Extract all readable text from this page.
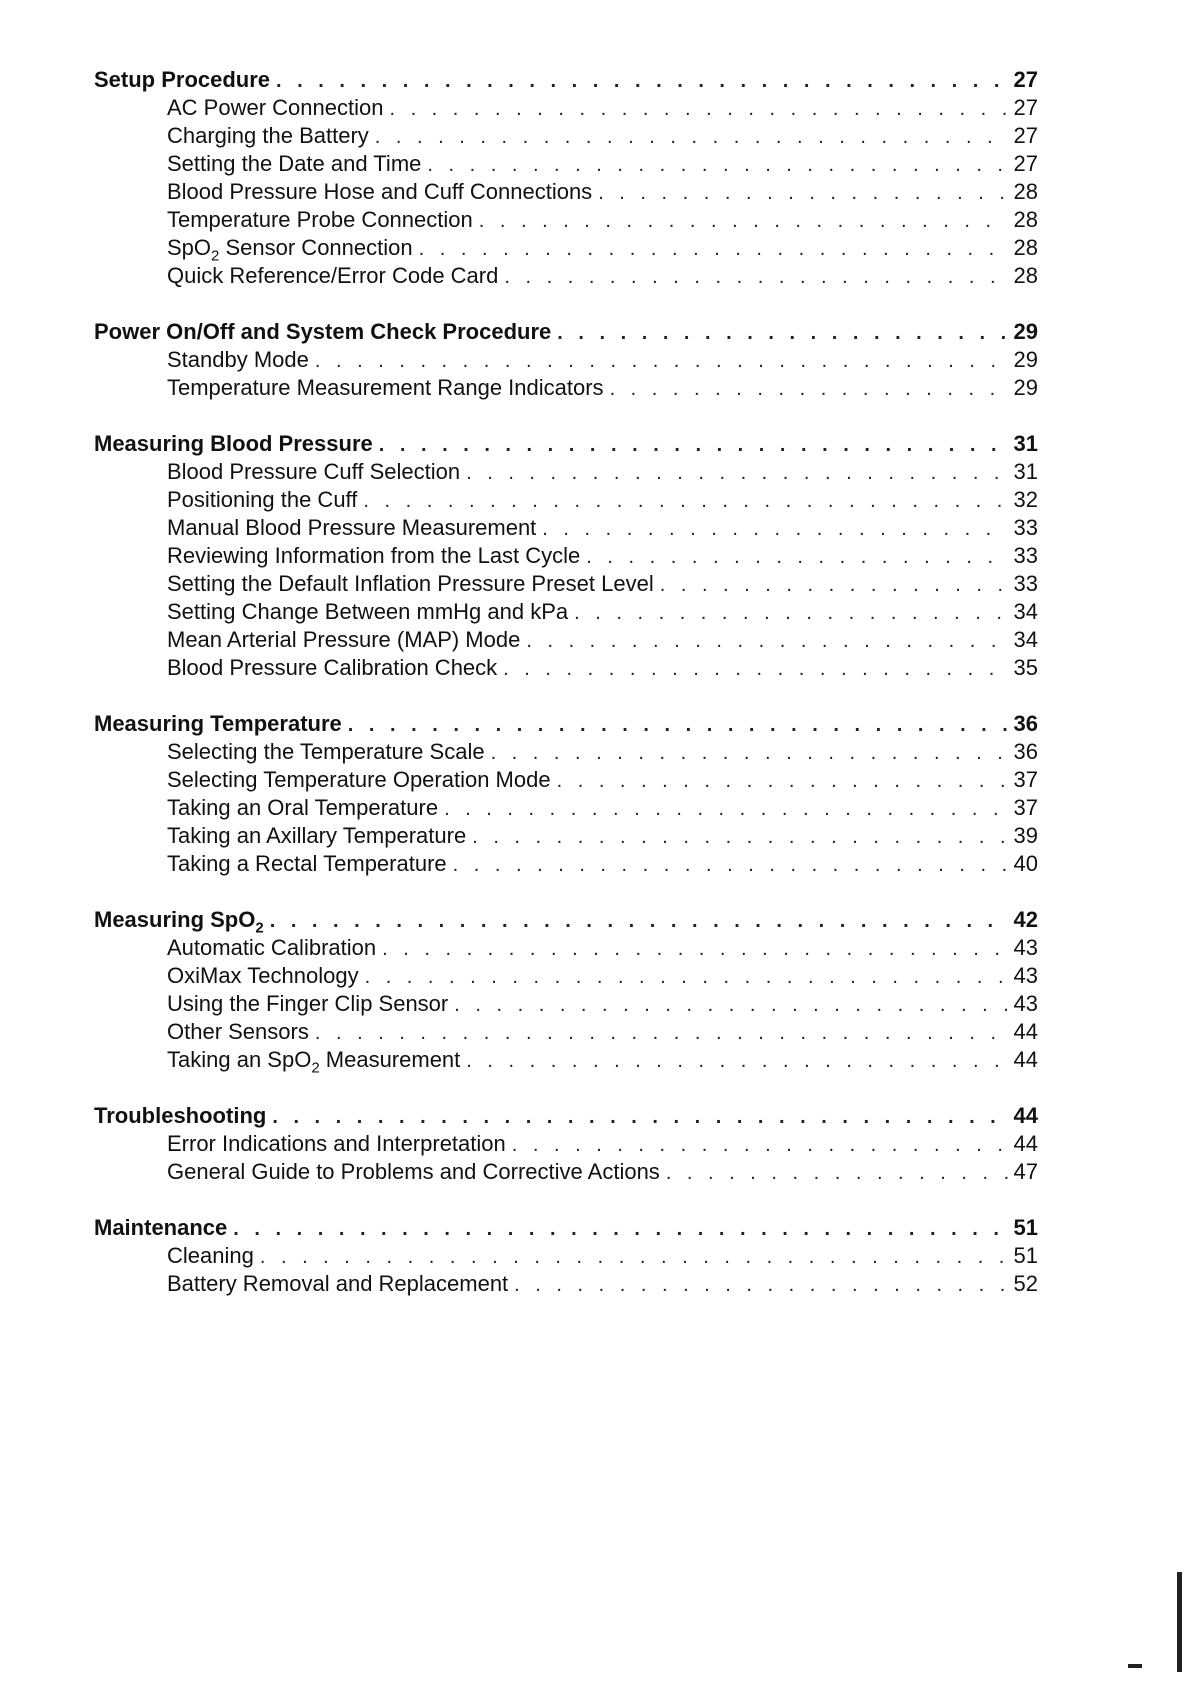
Setup Procedure . . .	27
AC Power Connection . . .	27
Charging the Battery . . .	27
Setting the Date and Time . . .	27
Blood Pressure Hose and Cuff Connections . . .	28
Temperature Probe Connection . . .	28
SpO$_2$ Sensor Connection . . .	28
Quick Reference/Error Code Card . . .	28
Power On/Off and System Check Procedure . . .	29
Standby Mode . . .	29
Temperature Measurement Range Indicators . . .	29
Measuring Blood Pressure . . .	31
Blood Pressure Cuff Selection . . .	31
Positioning the Cuff . . .	32
Manual Blood Pressure Measurement . . .	33
Reviewing Information from the Last Cycle . . .	33
Setting the Default Inflation Pressure Preset Level . . .	33
Setting Change Between mmHg and kPa . . .	34
Mean Arterial Pressure (MAP) Mode . . .	34
Blood Pressure Calibration Check . . .	35
Measuring Temperature . . .	36
Selecting the Temperature Scale . . .	36
Selecting Temperature Operation Mode . . .	37
Taking an Oral Temperature . . .	37
Taking an Axillary Temperature . . .	39
Taking a Rectal Temperature . . .	40
Measuring SpO$_2$ . . .	42
Automatic Calibration . . .	43
OxiMax Technology . . .	43
Using the Finger Clip Sensor . . .	43
Other Sensors . . .	44
Taking an SpO$_2$ Measurement . . .	44
Troubleshooting . . .	44
Error Indications and Interpretation . . .	44
General Guide to Problems and Corrective Actions . . .	47
Maintenance . . .	51
Cleaning . . .	51
Battery Removal and Replacement . . .	52
